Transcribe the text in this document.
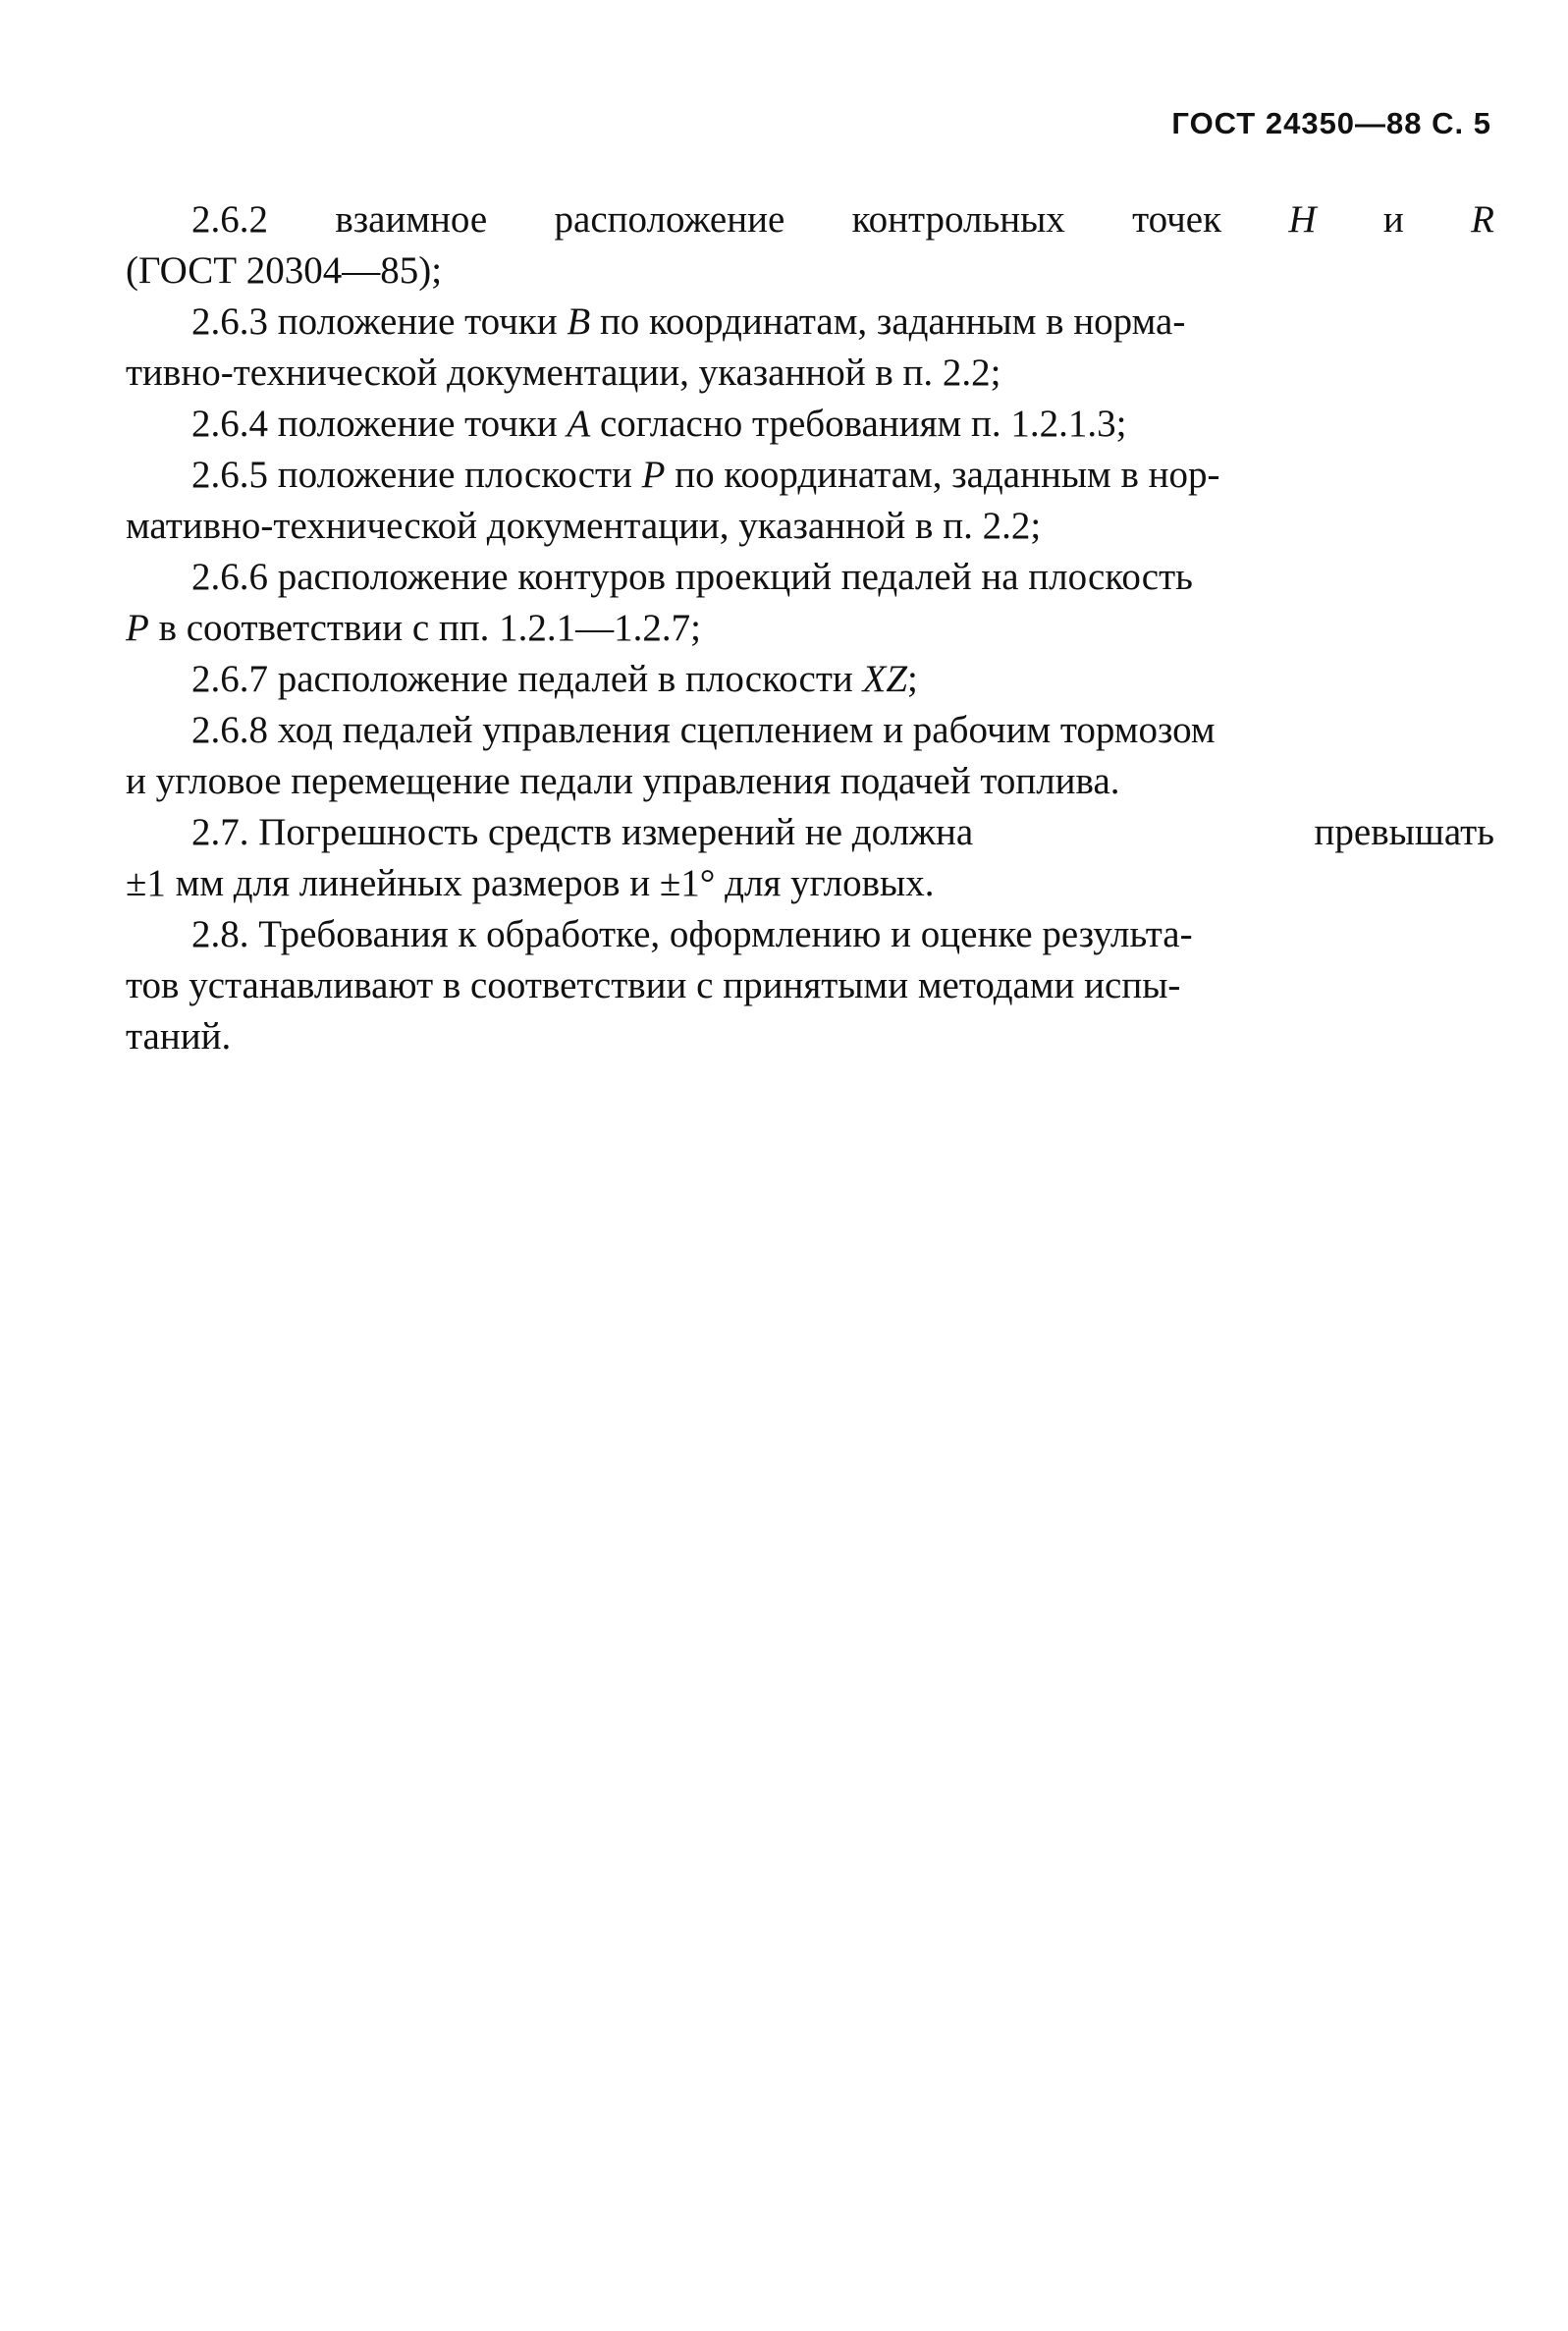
ГОСТ 24350—88 С. 5
2.6.2 взаимное расположение контрольных точек H и R
(ГОСТ 20304—85);
2.6.3 положение точки B по координатам, заданным в норма-
тивно-технической документации, указанной в п. 2.2;
2.6.4 положение точки A согласно требованиям п. 1.2.1.3;
2.6.5 положение плоскости P по координатам, заданным в нор-
мативно-технической документации, указанной в п. 2.2;
2.6.6 расположение контуров проекций педалей на плоскость
P в соответствии с пп. 1.2.1—1.2.7;
2.6.7 расположение педалей в плоскости XZ;
2.6.8 ход педалей управления сцеплением и рабочим тормозом
и угловое перемещение педали управления подачей топлива.
2.7. Погрешность средств измерений не должна	превышать
±1 мм для линейных размеров и ±1° для угловых.
2.8. Требования к обработке, оформлению и оценке результа-
тов устанавливают в соответствии с принятыми методами испы-
таний.
